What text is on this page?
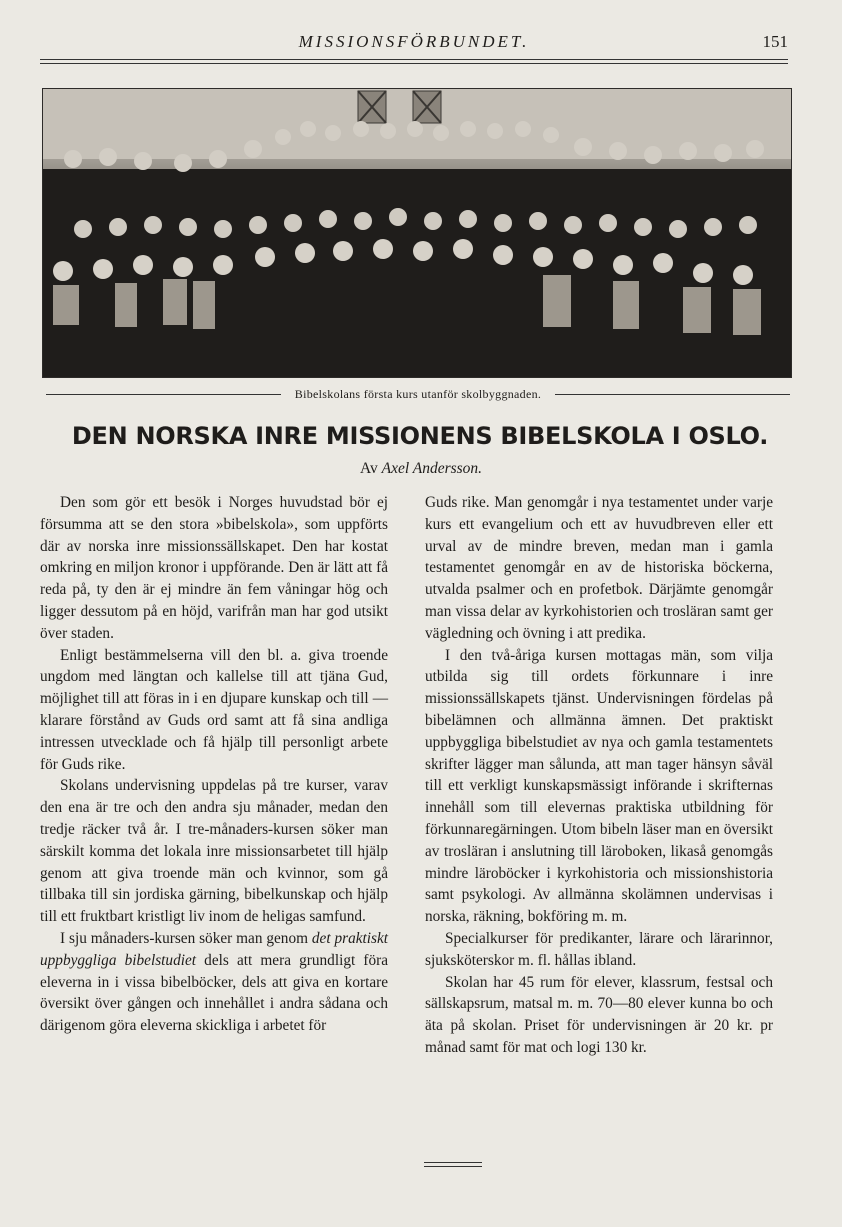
MISSIONSFÖRBUNDET.	151
Bibelskolans första kurs utanför skolbyggnaden.
DEN NORSKA INRE MISSIONENS BIBELSKOLA I OSLO.
Av Axel Andersson.

Den som gör ett besök i Norges huvudstad bör ej försumma att se den stora »bibelskola», som uppförts där av norska inre missionssällskapet. Den har kostat omkring en miljon kronor i uppförande. Den är lätt att få reda på, ty den är ej mindre än fem våningar hög och ligger dessutom på en höjd, varifrån man har god utsikt över staden.

Enligt bestämmelserna vill den bl. a. giva troende ungdom med längtan och kallelse till att tjäna Gud, möjlighet till att föras in i en djupare kunskap och till — klarare förstånd av Guds ord samt att få sina andliga intressen utvecklade och få hjälp till personligt arbete för Guds rike.

Skolans undervisning uppdelas på tre kurser, varav den ena är tre och den andra sju månader, medan den tredje räcker två år. I tre-månaders-kursen söker man särskilt komma det lokala inre missionsarbetet till hjälp genom att giva troende män och kvinnor, som gå tillbaka till sin jordiska gärning, bibelkunskap och hjälp till ett fruktbart kristligt liv inom de heligas samfund.

I sju månaders-kursen söker man genom det praktiskt uppbyggliga bibelstudiet dels att mera grundligt föra eleverna in i vissa bibelböcker, dels att giva en kortare översikt över gången och innehållet i andra sådana och därigenom göra eleverna skickliga i arbetet för

Guds rike. Man genomgår i nya testamentet under varje kurs ett evangelium och ett av huvudbreven eller ett urval av de mindre breven, medan man i gamla testamentet genomgår en av de historiska böckerna, utvalda psalmer och en profetbok. Därjämte genomgår man vissa delar av kyrkohistorien och trosläran samt ger vägledning och övning i att predika.

I den två-åriga kursen mottagas män, som vilja utbilda sig till ordets förkunnare i inre missionssällskapets tjänst. Undervisningen fördelas på bibelämnen och allmänna ämnen. Det praktiskt uppbyggliga bibelstudiet av nya och gamla testamentets skrifter lägger man sålunda, att man tager hänsyn såväl till ett verkligt kunskapsmässigt införande i skrifternas innehåll som till elevernas praktiska utbildning för förkunnaregärningen. Utom bibeln läser man en översikt av trosläran i anslutning till läroboken, likaså genomgås mindre läroböcker i kyrkohistoria och missionshistoria samt psykologi. Av allmänna skolämnen undervisas i norska, räkning, bokföring m. m.

Specialkurser för predikanter, lärare och lärarinnor, sjuksköterskor m. fl. hållas ibland.

Skolan har 45 rum för elever, klassrum, festsal och sällskapsrum, matsal m. m. 70—80 elever kunna bo och äta på skolan. Priset för undervisningen är 20 kr. pr månad samt för mat och logi 130 kr.
